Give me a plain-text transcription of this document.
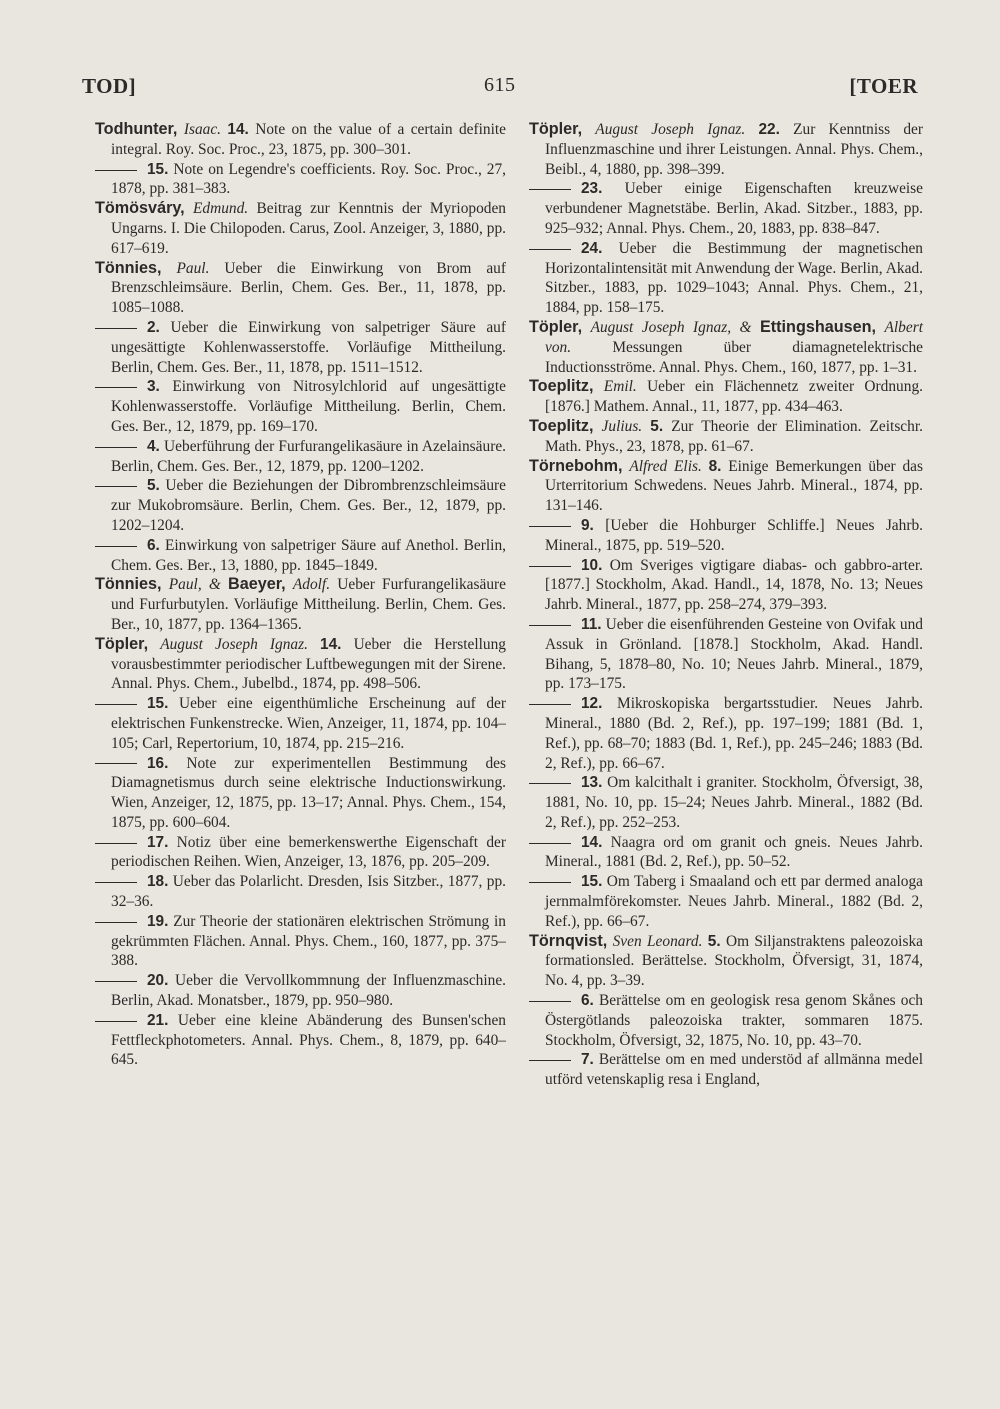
TOD]	615	[TOER

Todhunter, Isaac. 14. Note on the value of a certain definite integral. Roy. Soc. Proc., 23, 1875, pp. 300–301.

15. Note on Legendre's coefficients. Roy. Soc. Proc., 27, 1878, pp. 381–383.

Tömösváry, Edmund. Beitrag zur Kenntnis der Myriopoden Ungarns. I. Die Chilopoden. Carus, Zool. Anzeiger, 3, 1880, pp. 617–619.

Tönnies, Paul. Ueber die Einwirkung von Brom auf Brenzschleimsäure. Berlin, Chem. Ges. Ber., 11, 1878, pp. 1085–1088.

2. Ueber die Einwirkung von salpetriger Säure auf ungesättigte Kohlenwasserstoffe. Vorläufige Mittheilung. Berlin, Chem. Ges. Ber., 11, 1878, pp. 1511–1512.

3. Einwirkung von Nitrosylchlorid auf ungesättigte Kohlenwasserstoffe. Vorläufige Mittheilung. Berlin, Chem. Ges. Ber., 12, 1879, pp. 169–170.

4. Ueberführung der Furfurangelikasäure in Azelainsäure. Berlin, Chem. Ges. Ber., 12, 1879, pp. 1200–1202.

5. Ueber die Beziehungen der Dibrombrenzschleimsäure zur Mukobromsäure. Berlin, Chem. Ges. Ber., 12, 1879, pp. 1202–1204.

6. Einwirkung von salpetriger Säure auf Anethol. Berlin, Chem. Ges. Ber., 13, 1880, pp. 1845–1849.

Tönnies, Paul, & Baeyer, Adolf. Ueber Furfurangelikasäure und Furfurbutylen. Vorläufige Mittheilung. Berlin, Chem. Ges. Ber., 10, 1877, pp. 1364–1365.

Töpler, August Joseph Ignaz. 14. Ueber die Herstellung vorausbestimmter periodischer Luftbewegungen mit der Sirene. Annal. Phys. Chem., Jubelbd., 1874, pp. 498–506.

15. Ueber eine eigenthümliche Erscheinung auf der elektrischen Funkenstrecke. Wien, Anzeiger, 11, 1874, pp. 104–105; Carl, Repertorium, 10, 1874, pp. 215–216.

16. Note zur experimentellen Bestimmung des Diamagnetismus durch seine elektrische Inductionswirkung. Wien, Anzeiger, 12, 1875, pp. 13–17; Annal. Phys. Chem., 154, 1875, pp. 600–604.

17. Notiz über eine bemerkenswerthe Eigenschaft der periodischen Reihen. Wien, Anzeiger, 13, 1876, pp. 205–209.

18. Ueber das Polarlicht. Dresden, Isis Sitzber., 1877, pp. 32–36.

19. Zur Theorie der stationären elektrischen Strömung in gekrümmten Flächen. Annal. Phys. Chem., 160, 1877, pp. 375–388.

20. Ueber die Vervollkommnung der Influenzmaschine. Berlin, Akad. Monatsber., 1879, pp. 950–980.

21. Ueber eine kleine Abänderung des Bunsen'schen Fettfleckphotometers. Annal. Phys. Chem., 8, 1879, pp. 640–645.

Töpler, August Joseph Ignaz. 22. Zur Kenntniss der Influenzmaschine und ihrer Leistungen. Annal. Phys. Chem., Beibl., 4, 1880, pp. 398–399.

23. Ueber einige Eigenschaften kreuzweise verbundener Magnetstäbe. Berlin, Akad. Sitzber., 1883, pp. 925–932; Annal. Phys. Chem., 20, 1883, pp. 838–847.

24. Ueber die Bestimmung der magnetischen Horizontalintensität mit Anwendung der Wage. Berlin, Akad. Sitzber., 1883, pp. 1029–1043; Annal. Phys. Chem., 21, 1884, pp. 158–175.

Töpler, August Joseph Ignaz, & Ettingshausen, Albert von.	Messungen über diamagnetelektrische Inductionsströme. Annal. Phys. Chem., 160, 1877, pp. 1–31.

Toeplitz, Emil. Ueber ein Flächennetz zweiter Ordnung. [1876.] Mathem. Annal., 11, 1877, pp. 434–463.

Toeplitz, Julius. 5. Zur Theorie der Elimination. Zeitschr. Math. Phys., 23, 1878, pp. 61–67.

Törnebohm, Alfred Elis. 8. Einige Bemerkungen über das Urterritorium Schwedens. Neues Jahrb. Mineral., 1874, pp. 131–146.

9. [Ueber die Hohburger Schliffe.] Neues Jahrb. Mineral., 1875, pp. 519–520.

10. Om Sveriges vigtigare diabas- och gabbro-arter. [1877.] Stockholm, Akad. Handl., 14, 1878, No. 13; Neues Jahrb. Mineral., 1877, pp. 258–274, 379–393.

11. Ueber die eisenführenden Gesteine von Ovifak und Assuk in Grönland. [1878.] Stockholm, Akad. Handl. Bihang, 5, 1878–80, No. 10; Neues Jahrb. Mineral., 1879, pp. 173–175.

12. Mikroskopiska bergartsstudier. Neues Jahrb. Mineral., 1880 (Bd. 2, Ref.), pp. 197–199; 1881 (Bd. 1, Ref.), pp. 68–70; 1883 (Bd. 1, Ref.), pp. 245–246; 1883 (Bd. 2, Ref.), pp. 66–67.

13. Om kalcithalt i graniter. Stockholm, Öfversigt, 38, 1881, No. 10, pp. 15–24; Neues Jahrb. Mineral., 1882 (Bd. 2, Ref.), pp. 252–253.

14. Naagra ord om granit och gneis. Neues Jahrb. Mineral., 1881 (Bd. 2, Ref.), pp. 50–52.

15. Om Taberg i Smaaland och ett par dermed analoga jernmalmförekomster. Neues Jahrb. Mineral., 1882 (Bd. 2, Ref.), pp. 66–67.

Törnqvist, Sven Leonard. 5. Om Siljanstraktens paleozoiska formationsled. Berättelse. Stockholm, Öfversigt, 31, 1874, No. 4, pp. 3–39.

6. Berättelse om en geologisk resa genom Skånes och Östergötlands paleozoiska trakter, sommaren 1875. Stockholm, Öfversigt, 32, 1875, No. 10, pp. 43–70.

7. Berättelse om en med understöd af allmänna medel utförd vetenskaplig resa i England,
